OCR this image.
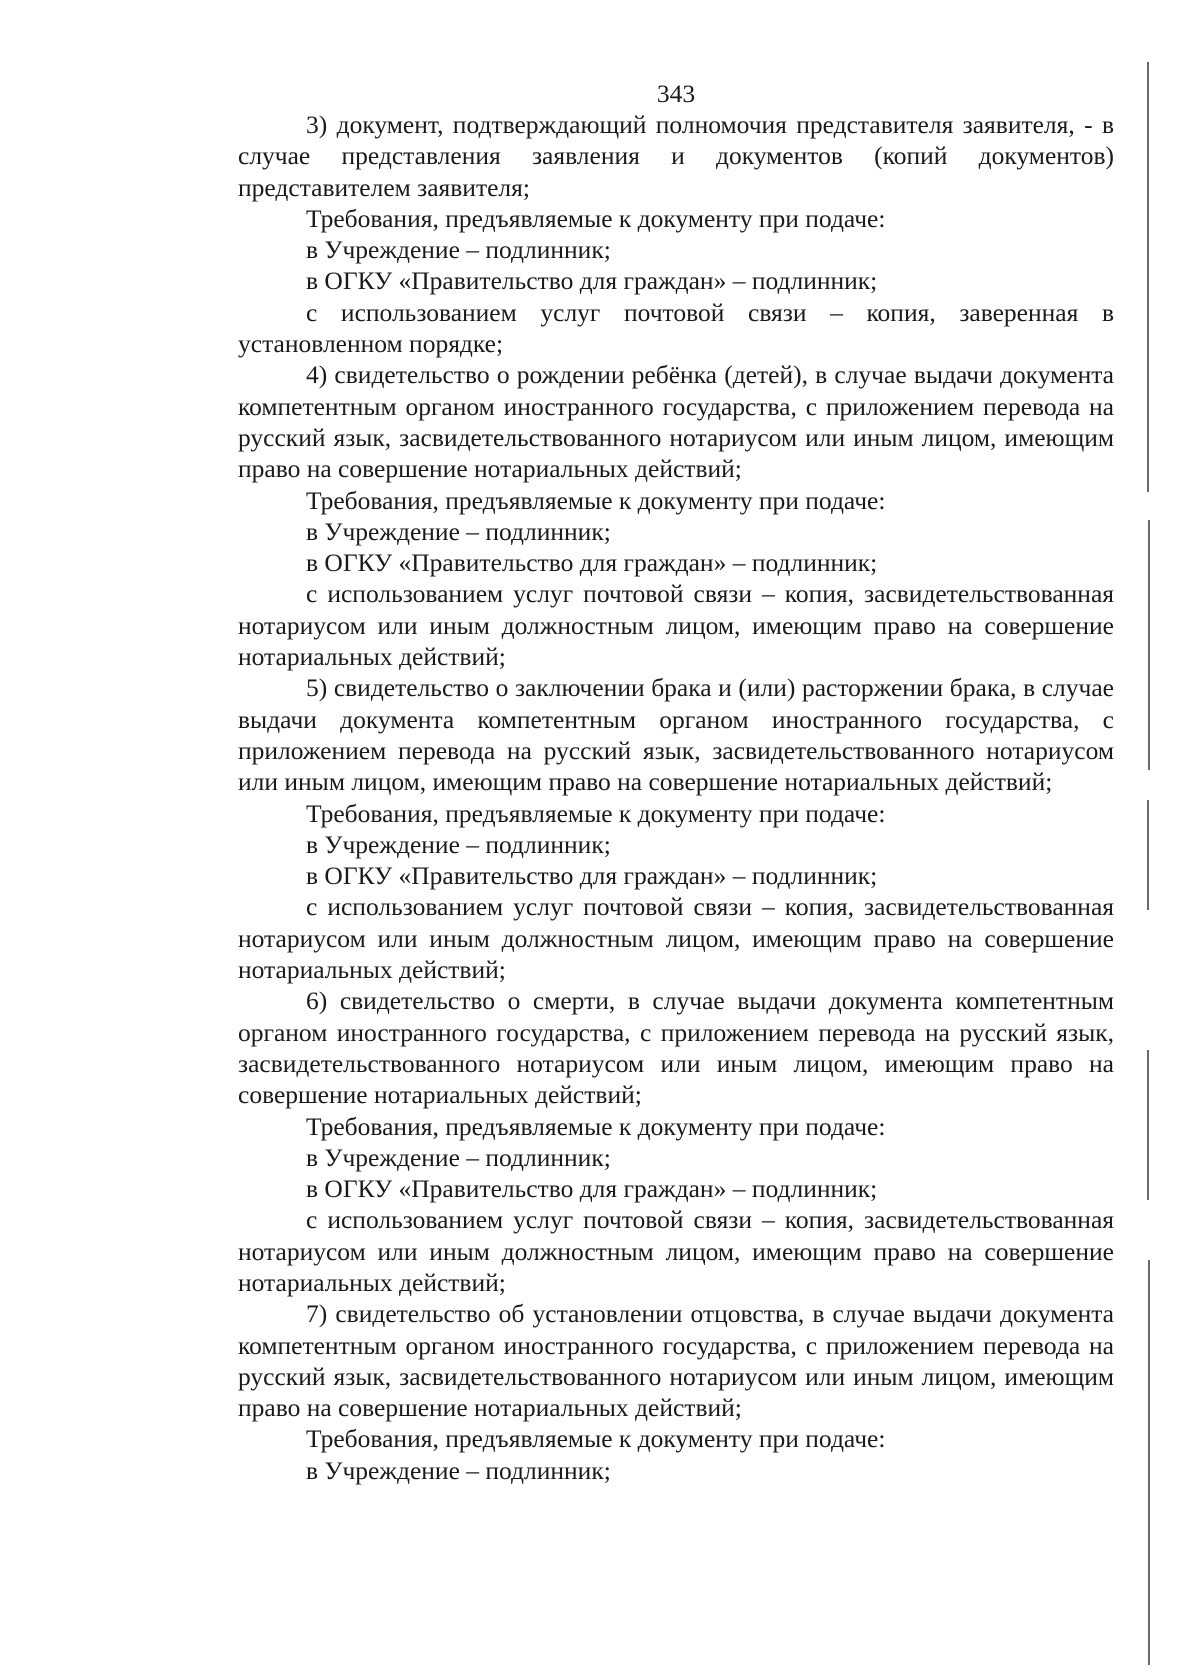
343

3) документ, подтверждающий полномочия представителя заявителя, - в случае представления заявления и документов (копий документов) представителем заявителя;

Требования, предъявляемые к документу при подаче:

в Учреждение – подлинник;

в ОГКУ «Правительство для граждан» – подлинник;

с использованием услуг почтовой связи – копия, заверенная в установленном порядке;

4) свидетельство о рождении ребёнка (детей), в случае выдачи документа компетентным органом иностранного государства, с приложением перевода на русский язык, засвидетельствованного нотариусом или иным лицом, имеющим право на совершение нотариальных действий;

Требования, предъявляемые к документу при подаче:

в Учреждение – подлинник;

в ОГКУ «Правительство для граждан» – подлинник;

с использованием услуг почтовой связи – копия, засвидетельствованная нотариусом или иным должностным лицом, имеющим право на совершение нотариальных действий;

5) свидетельство о заключении брака и (или) расторжении брака, в случае выдачи документа компетентным органом иностранного государства, с приложением перевода на русский язык, засвидетельствованного нотариусом или иным лицом, имеющим право на совершение нотариальных действий;

Требования, предъявляемые к документу при подаче:

в Учреждение – подлинник;

в ОГКУ «Правительство для граждан» – подлинник;

с использованием услуг почтовой связи – копия, засвидетельствованная нотариусом или иным должностным лицом, имеющим право на совершение нотариальных действий;

6) свидетельство о смерти, в случае выдачи документа компетентным органом иностранного государства, с приложением перевода на русский язык, засвидетельствованного нотариусом или иным лицом, имеющим право на совершение нотариальных действий;

Требования, предъявляемые к документу при подаче:

в Учреждение – подлинник;

в ОГКУ «Правительство для граждан» – подлинник;

с использованием услуг почтовой связи – копия, засвидетельствованная нотариусом или иным должностным лицом, имеющим право на совершение нотариальных действий;

7) свидетельство об установлении отцовства, в случае выдачи документа компетентным органом иностранного государства, с приложением перевода на русский язык, засвидетельствованного нотариусом или иным лицом, имеющим право на совершение нотариальных действий;

Требования, предъявляемые к документу при подаче:

в Учреждение – подлинник;
